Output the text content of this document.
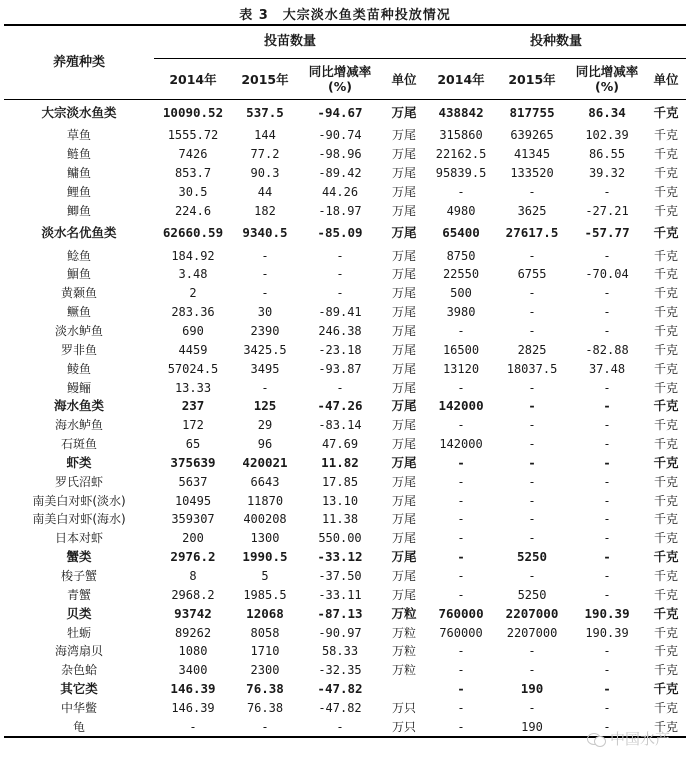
表 3　大宗淡水鱼类苗种投放情况
养殖种类	投苗数量				投种数量			
	2014年	2015年	同比增减率(%)	单位	2014年	2015年	同比增减率(%)	单位
大宗淡水鱼类	10090.52	537.5	-94.67	万尾	438842	817755	86.34	千克
草鱼	1555.72	144	-90.74	万尾	315860	639265	102.39	千克
鲢鱼	7426	77.2	-98.96	万尾	22162.5	41345	86.55	千克
鳙鱼	853.7	90.3	-89.42	万尾	95839.5	133520	39.32	千克
鲤鱼	30.5	44	44.26	万尾	-	-	-	千克
鲫鱼	224.6	182	-18.97	万尾	4980	3625	-27.21	千克
淡水名优鱼类	62660.59	9340.5	-85.09	万尾	65400	27617.5	-57.77	千克
鲶鱼	184.92	-	-	万尾	8750	-	-	千克
鮰鱼	3.48	-	-	万尾	22550	6755	-70.04	千克
黄颡鱼	2	-	-	万尾	500	-	-	千克
鳜鱼	283.36	30	-89.41	万尾	3980	-	-	千克
淡水鲈鱼	690	2390	246.38	万尾	-	-	-	千克
罗非鱼	4459	3425.5	-23.18	万尾	16500	2825	-82.88	千克
鲮鱼	57024.5	3495	-93.87	万尾	13120	18037.5	37.48	千克
鳗鲡	13.33	-	-	万尾	-	-	-	千克
海水鱼类	237	125	-47.26	万尾	142000	-	-	千克
海水鲈鱼	172	29	-83.14	万尾	-	-	-	千克
石斑鱼	65	96	47.69	万尾	142000	-	-	千克
虾类	375639	420021	11.82	万尾	-	-	-	千克
罗氏沼虾	5637	6643	17.85	万尾	-	-	-	千克
南美白对虾(淡水)	10495	11870	13.10	万尾	-	-	-	千克
南美白对虾(海水)	359307	400208	11.38	万尾	-	-	-	千克
日本对虾	200	1300	550.00	万尾	-	-	-	千克
蟹类	2976.2	1990.5	-33.12	万尾	-	5250	-	千克
梭子蟹	8	5	-37.50	万尾	-	-	-	千克
青蟹	2968.2	1985.5	-33.11	万尾	-	5250	-	千克
贝类	93742	12068	-87.13	万粒	760000	2207000	190.39	千克
牡蛎	89262	8058	-90.97	万粒	760000	2207000	190.39	千克
海湾扇贝	1080	1710	58.33	万粒	-	-	-	千克
杂色蛤	3400	2300	-32.35	万粒	-	-	-	千克
其它类	146.39	76.38	-47.82		-	190	-	千克
中华鳖	146.39	76.38	-47.82	万只	-	-	-	千克
龟	-	-	-	万只	-	190	-	千克
中国水产
